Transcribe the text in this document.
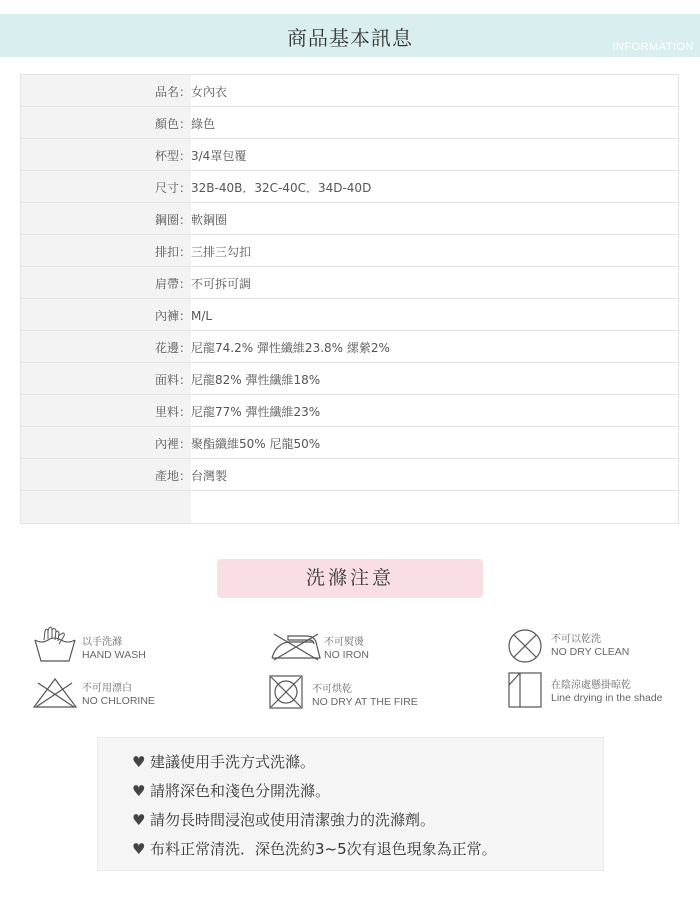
商品基本訊息	INFORMATION
品名：女內衣
顏色：綠色
杯型：3/4罩包覆
尺寸：32B-40B．32C-40C．34D-40D
鋼圈：軟鋼圈
排扣：三排三勾扣
肩帶：不可拆可調
內褲：M/L
花邊：尼龍74.2% 彈性纖維23.8% 縲縈2%
面料：尼龍82% 彈性纖維18%
里料：尼龍77% 彈性纖維23%
內裡：聚酯纖維50% 尼龍50%
產地：台灣製
洗滌注意
以手洗滌
HAND WASH
不可熨燙
NO IRON
不可以乾洗
NO DRY CLEAN
不可用漂白
NO CHLORINE
不可烘乾
NO DRY AT THE FIRE
在陰涼處懸掛晾乾
Line drying in the shade
♥ 建議使用手洗方式洗滌。
♥ 請將深色和淺色分開洗滌。
♥ 請勿長時間浸泡或使用清潔強力的洗滌劑。
♥ 布料正常清洗．深色洗約3~5次有退色現象為正常。
